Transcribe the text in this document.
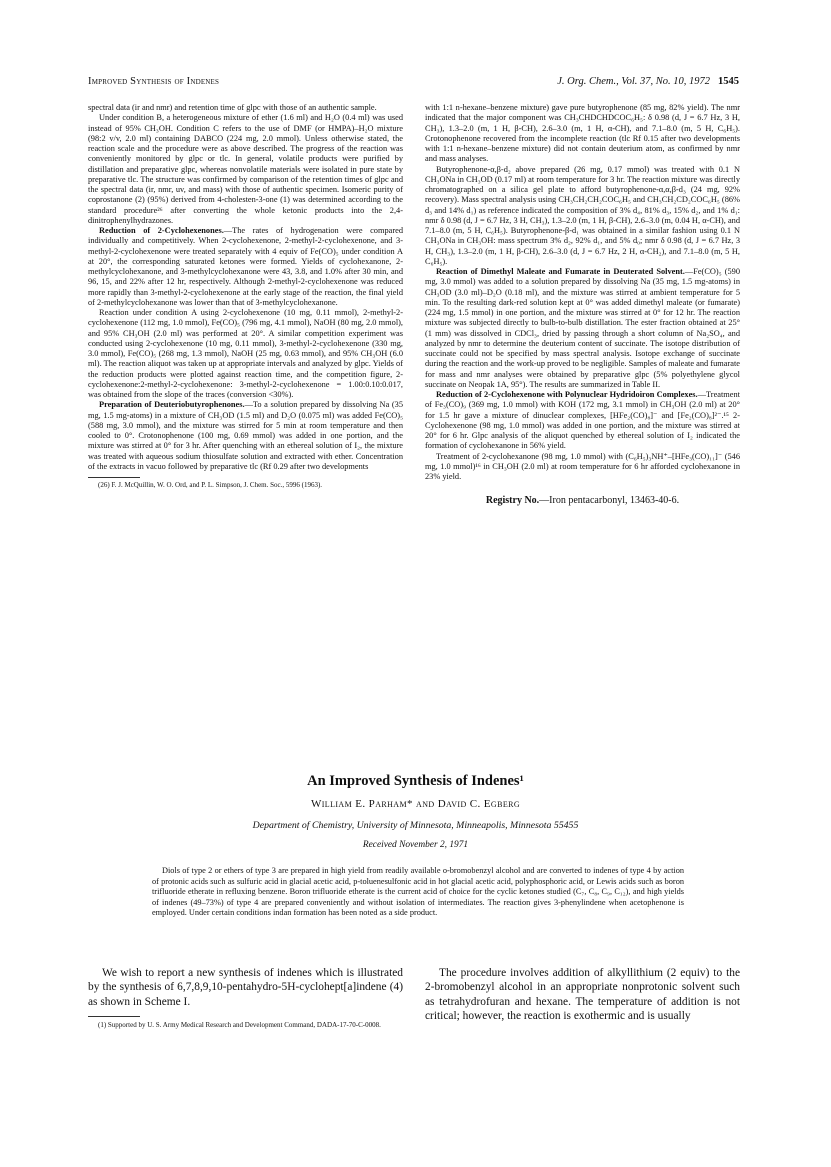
Improved Synthesis of Indenes	J. Org. Chem., Vol. 37, No. 10, 1972 1545

spectral data (ir and nmr) and retention time of glpc with those of an authentic sample.

Under condition B, a heterogeneous mixture of ether (1.6 ml) and H₂O (0.4 ml) was used instead of 95% CH₃OH. Condition C refers to the use of DMF (or HMPA)–H₂O mixture (98:2 v/v, 2.0 ml) containing DABCO (224 mg, 2.0 mmol). Unless otherwise stated, the reaction scale and the procedure were as above described. The progress of the reaction was conveniently monitored by glpc or tlc. In general, volatile products were purified by distillation and preparative glpc, whereas nonvolatile materials were isolated in pure state by preparative tlc. The structure was confirmed by comparison of the retention times of glpc and the spectral data (ir, nmr, uv, and mass) with those of authentic specimen. Isomeric purity of coprostanone (2) (95%) derived from 4-cholesten-3-one (1) was determined according to the standard procedure²⁶ after converting the whole ketonic products into the 2,4-dinitrophenylhydrazones.

Reduction of 2-Cyclohexenones.—The rates of hydrogenation were compared individually and competitively. When 2-cyclohexenone, 2-methyl-2-cyclohexenone, and 3-methyl-2-cyclohexenone were treated separately with 4 equiv of Fe(CO)₅ under condition A at 20°, the corresponding saturated ketones were formed. Yields of cyclohexanone, 2-methylcyclohexanone, and 3-methylcyclohexanone were 43, 3.8, and 1.0% after 30 min, and 96, 15, and 22% after 12 hr, respectively. Although 2-methyl-2-cyclohexenone was reduced more rapidly than 3-methyl-2-cyclohexenone at the early stage of the reaction, the final yield of 2-methylcyclohexanone was lower than that of 3-methylcyclohexanone.

Reaction under condition A using 2-cyclohexenone (10 mg, 0.11 mmol), 2-methyl-2-cyclohexenone (112 mg, 1.0 mmol), Fe(CO)₅ (796 mg, 4.1 mmol), NaOH (80 mg, 2.0 mmol), and 95% CH₃OH (2.0 ml) was performed at 20°. A similar competition experiment was conducted using 2-cyclohexenone (10 mg, 0.11 mmol), 3-methyl-2-cyclohexenone (330 mg, 3.0 mmol), Fe(CO)₅ (268 mg, 1.3 mmol), NaOH (25 mg, 0.63 mmol), and 95% CH₃OH (6.0 ml). The reaction aliquot was taken up at appropriate intervals and analyzed by glpc. Yields of the reduction products were plotted against reaction time, and the competition figure, 2-cyclohexenone:2-methyl-2-cyclohexenone: 3-methyl-2-cyclohexenone = 1.00:0.10:0.017, was obtained from the slope of the traces (conversion <30%).

Preparation of Deuteriobutyrophenones.—To a solution prepared by dissolving Na (35 mg, 1.5 mg-atoms) in a mixture of CH₃OD (1.5 ml) and D₂O (0.075 ml) was added Fe(CO)₅ (588 mg, 3.0 mmol), and the mixture was stirred for 5 min at room temperature and then cooled to 0°. Crotonophenone (100 mg, 0.69 mmol) was added in one portion, and the mixture was stirred at 0° for 3 hr. After quenching with an ethereal solution of I₂, the mixture was treated with aqueous sodium thiosulfate solution and extracted with ether. Concentration of the extracts in vacuo followed by preparative tlc (Rf 0.29 after two developments

(26) F. J. McQuillin, W. O. Ord, and P. L. Simpson, J. Chem. Soc., 5996 (1963).

with 1:1 n-hexane–benzene mixture) gave pure butyrophenone (85 mg, 82% yield). The nmr indicated that the major component was CH₃CHDCHDCOC₆H₅: δ 0.98 (d, J = 6.7 Hz, 3 H, CH₃), 1.3–2.0 (m, 1 H, β-CH), 2.6–3.0 (m, 1 H, α-CH), and 7.1–8.0 (m, 5 H, C₆H₅). Crotonophenone recovered from the incomplete reaction (tlc Rf 0.15 after two developments with 1:1 n-hexane–benzene mixture) did not contain deuterium atom, as confirmed by nmr and mass analyses.

Butyrophenone-α,β-d₂ above prepared (26 mg, 0.17 mmol) was treated with 0.1 N CH₃ONa in CH₃OD (0.17 ml) at room temperature for 3 hr. The reaction mixture was directly chromatographed on a silica gel plate to afford butyrophenone-α,α,β-d₃ (24 mg, 92% recovery). Mass spectral analysis using CH₃CH₂CH₂COC₆H₅ and CH₃CH₂CD₂COC₆H₅ (86% d₃ and 14% d₁) as reference indicated the composition of 3% d₄, 81% d₃, 15% d₂, and 1% d₁: nmr δ 0.98 (d, J = 6.7 Hz, 3 H, CH₃), 1.3–2.0 (m, 1 H, β-CH), 2.6–3.0 (m, 0.04 H, α-CH), and 7.1–8.0 (m, 5 H, C₆H₅). Butyrophenone-β-d₁ was obtained in a similar fashion using 0.1 N CH₃ONa in CH₃OH: mass spectrum 3% d₂, 92% d₁, and 5% d₀; nmr δ 0.98 (d, J = 6.7 Hz, 3 H, CH₃), 1.3–2.0 (m, 1 H, β-CH), 2.6–3.0 (d, J = 6.7 Hz, 2 H, α-CH₂), and 7.1–8.0 (m, 5 H, C₆H₅).

Reaction of Dimethyl Maleate and Fumarate in Deuterated Solvent.—Fe(CO)₅ (590 mg, 3.0 mmol) was added to a solution prepared by dissolving Na (35 mg, 1.5 mg-atoms) in CH₃OD (3.0 ml)–D₂O (0.18 ml), and the mixture was stirred at ambient temperature for 5 min. To the resulting dark-red solution kept at 0° was added dimethyl maleate (or fumarate) (224 mg, 1.5 mmol) in one portion, and the mixture was stirred at 0° for 12 hr. The reaction mixture was subjected directly to bulb-to-bulb distillation. The ester fraction obtained at 25° (1 mm) was dissolved in CDCl₃, dried by passing through a short column of Na₂SO₄, and analyzed by nmr to determine the deuterium content of succinate. The isotope distribution of succinate could not be specified by mass spectral analysis. Isotope exchange of succinate during the reaction and the work-up proved to be negligible. Samples of maleate and fumarate for mass and nmr analyses were obtained by preparative glpc (5% polyethylene glycol succinate on Neopak 1A, 95°). The results are summarized in Table II.

Reduction of 2-Cyclohexenone with Polynuclear Hydridoiron Complexes.—Treatment of Fe₃(CO)₉ (369 mg, 1.0 mmol) with KOH (172 mg, 3.1 mmol) in CH₃OH (2.0 ml) at 20° for 1.5 hr gave a mixture of dinuclear complexes, [HFe₂(CO)₈]⁻ and [Fe₂(CO)₈]²⁻.¹⁵ 2-Cyclohexenone (98 mg, 1.0 mmol) was added in one portion, and the mixture was stirred at 20° for 6 hr. Glpc analysis of the aliquot quenched by ethereal solution of I₂ indicated the formation of cyclohexanone in 56% yield.

Treatment of 2-cyclohexanone (98 mg, 1.0 mmol) with (C₆H₅)₃NH⁺–[HFe₃(CO)₁₁]⁻ (546 mg, 1.0 mmol)¹⁶ in CH₃OH (2.0 ml) at room temperature for 6 hr afforded cyclohexanone in 23% yield.

Registry No.—Iron pentacarbonyl, 13463-40-6.
An Improved Synthesis of Indenes¹
William E. Parham* and David C. Egberg
Department of Chemistry, University of Minnesota, Minneapolis, Minnesota 55455
Received November 2, 1971
Diols of type 2 or ethers of type 3 are prepared in high yield from readily available o-bromobenzyl alcohol and are converted to indenes of type 4 by action of protonic acids such as sulfuric acid in glacial acetic acid, p-toluenesulfonic acid in hot glacial acetic acid, polyphosphoric acid, or Lewis acids such as boron trifluoride etherate in refluxing benzene. Boron trifluoride etherate is the current acid of choice for the cyclic ketones studied (C₇, C₈, C₉, C₁₂), and high yields of indenes (49–73%) of type 4 are prepared conveniently and without isolation of intermediates. The reaction gives 3-phenylindene when acetophenone is employed. Under certain conditions indan formation has been noted as a side product.

We wish to report a new synthesis of indenes which is illustrated by the synthesis of 6,7,8,9,10-pentahydro-5H-cyclohept[a]indene (4) as shown in Scheme I.

(1) Supported by U. S. Army Medical Research and Development Command, DADA-17-70-C-0008.

The procedure involves addition of alkyllithium (2 equiv) to the 2-bromobenzyl alcohol in an appropriate nonprotonic solvent such as tetrahydrofuran and hexane. The temperature of addition is not critical; however, the reaction is exothermic and is usually
